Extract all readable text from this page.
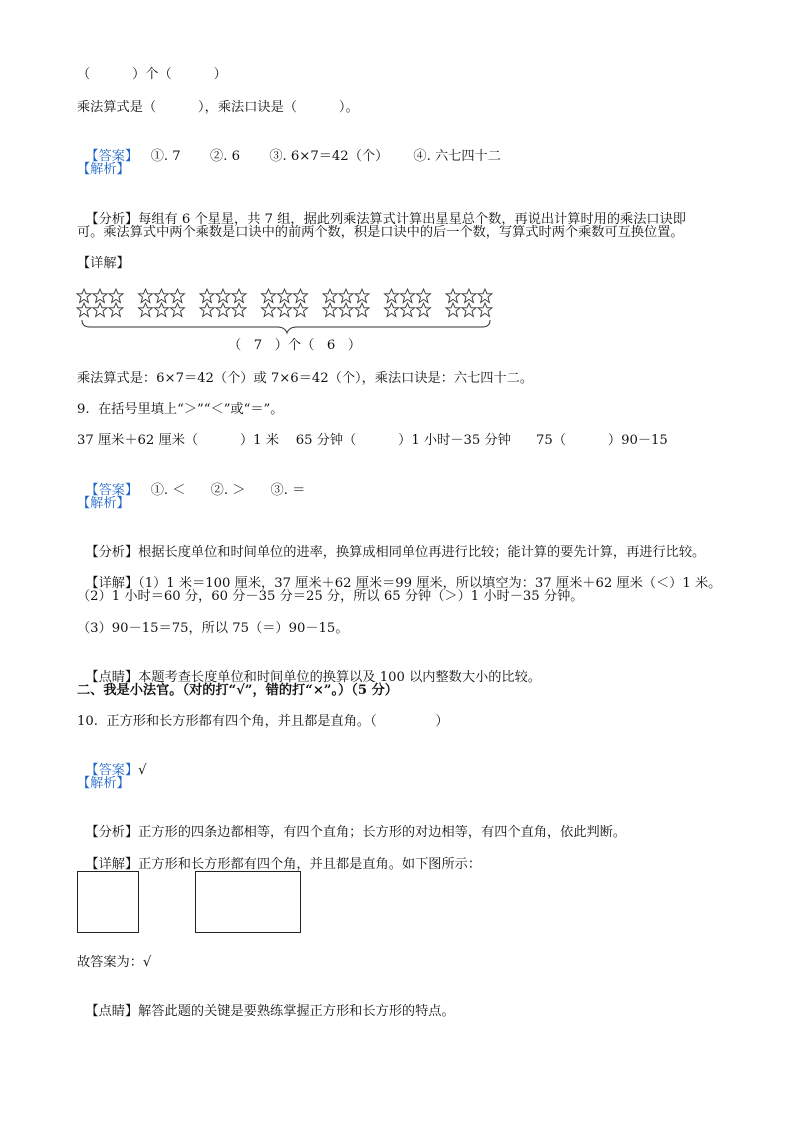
（          ）个（          ）
乘法算式是（          ），乘法口诀是（          ）。

【答案】   ①. 7       ②. 6       ③. 6×7＝42（个）      ④. 六七四十二

【解析】

【分析】每组有 6 个星星，共 7 组，据此列乘法算式计算出星星总个数，再说出计算时用的乘法口诀即

可。乘法算式中两个乘数是口诀中的前两个数，积是口诀中的后一个数，写算式时两个乘数可互换位置。
【详解】
（   7   ）个（   6   ）
乘法算式是：6×7＝42（个）或 7×6＝42（个），乘法口诀是：六七四十二。
9.  在括号里填上“＞”“＜”或“＝”。
37 厘米＋62 厘米（          ）1 米    65 分钟（          ）1 小时－35 分钟      75（          ）90－15

【答案】   ①. ＜      ②. ＞      ③. ＝

【解析】

【分析】根据长度单位和时间单位的进率，换算成相同单位再进行比较；能计算的要先计算，再进行比较。

【详解】（1）1 米＝100 厘米，37 厘米＋62 厘米＝99 厘米，所以填空为：37 厘米＋62 厘米（＜）1 米。

（2）1 小时＝60 分，60 分－35 分＝25 分，所以 65 分钟（＞）1 小时－35 分钟。
（3）90－15＝75，所以 75（＝）90－15。

【点睛】本题考查长度单位和时间单位的换算以及 100 以内整数大小的比较。

二、我是小法官。（对的打“√”，错的打“×”。）（5 分）
10.  正方形和长方形都有四个角，并且都是直角。（              ）

【答案】√

【解析】

【分析】正方形的四条边都相等，有四个直角；长方形的对边相等，有四个直角，依此判断。

【详解】正方形和长方形都有四个角，并且都是直角。如下图所示：

故答案为：√

【点睛】解答此题的关键是要熟练掌握正方形和长方形的特点。
